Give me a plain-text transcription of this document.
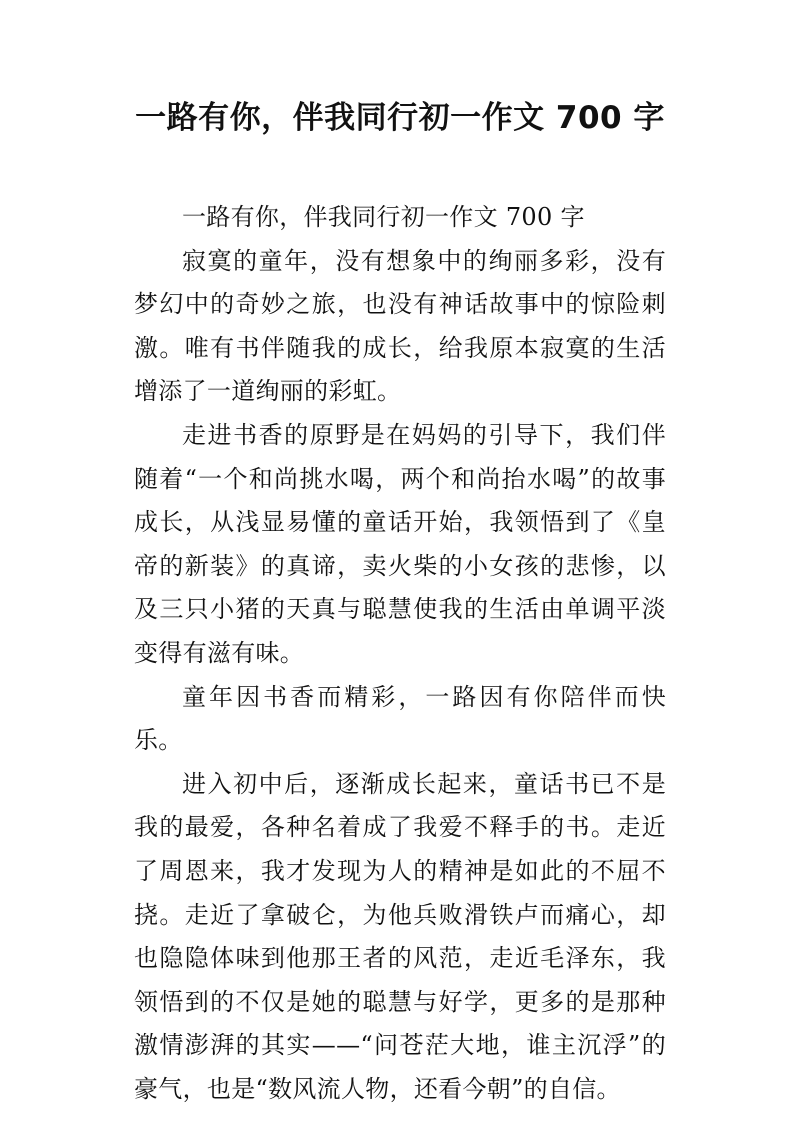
一路有你，伴我同行初一作文 700 字

一路有你，伴我同行初一作文 700 字

寂寞的童年，没有想象中的绚丽多彩，没有梦幻中的奇妙之旅，也没有神话故事中的惊险刺激。唯有书伴随我的成长，给我原本寂寞的生活增添了一道绚丽的彩虹。

走进书香的原野是在妈妈的引导下，我们伴随着“一个和尚挑水喝，两个和尚抬水喝”的故事成长，从浅显易懂的童话开始，我领悟到了《皇帝的新装》的真谛，卖火柴的小女孩的悲惨，以及三只小猪的天真与聪慧使我的生活由单调平淡变得有滋有味。

童年因书香而精彩，一路因有你陪伴而快乐。

进入初中后，逐渐成长起来，童话书已不是我的最爱，各种名着成了我爱不释手的书。走近了周恩来，我才发现为人的精神是如此的不屈不挠。走近了拿破仑，为他兵败滑铁卢而痛心，却也隐隐体味到他那王者的风范，走近毛泽东，我领悟到的不仅是她的聪慧与好学，更多的是那种激情澎湃的其实——“问苍茫大地，谁主沉浮”的豪气，也是“数风流人物，还看今朝”的自信。
